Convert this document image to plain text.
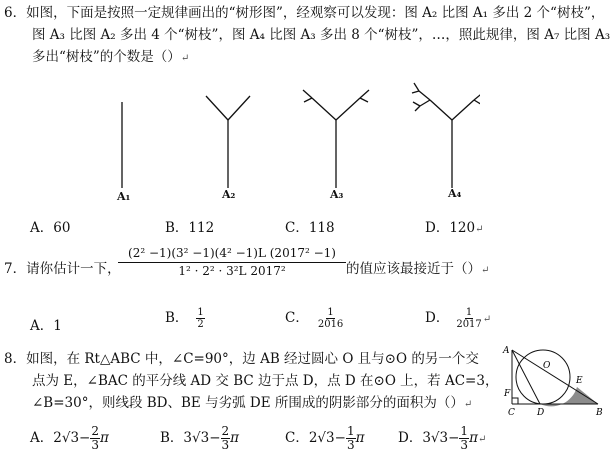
6．如图，下面是按照一定规律画出的“树形图”，经观察可以发现：图 A₂ 比图 A₁ 多出 2 个“树枝”，
图 A₃ 比图 A₂ 多出 4 个“树枝”，图 A₄ 比图 A₃ 多出 8 个“树枝”，…，照此规律，图 A₇ 比图 A₃
多出“树枝”的个数是（）↵
A₁	A₂	A₃	A₄
A．60	B．112	C．118	D．120↵
7．请你估计一下，
$\frac{\text{(2² −1)(3² −1)(4² −1)L (2017² −1)}}{\text{1² · 2² · 3²L 2017²}}$ 的值应该最接近于（）↵
A．1	B． $\frac{1}{2}$	C． $\frac{1}{2016}$	D． $\frac{1}{2017}$ ↵
8．如图，在 Rt△ABC 中，∠C=90°，边 AB 经过圆心 O 且与⊙O 的另一个交
点为 E，∠BAC 的平分线 AD 交 BC 边于点 D，点 D 在⊙O 上，若 AC=3，
∠B=30°，则线段 BD、BE 与劣弧 DE 所围成的阴影部分的面积为（）↵
A
O
E
F
C D	B
A．$2√3- \frac{2}{3}$ π	B．$3√3- \frac{2}{3}$ π	C．$2√3- \frac{1}{3}$ π D．$3√3- \frac{1}{3}$ π↵
